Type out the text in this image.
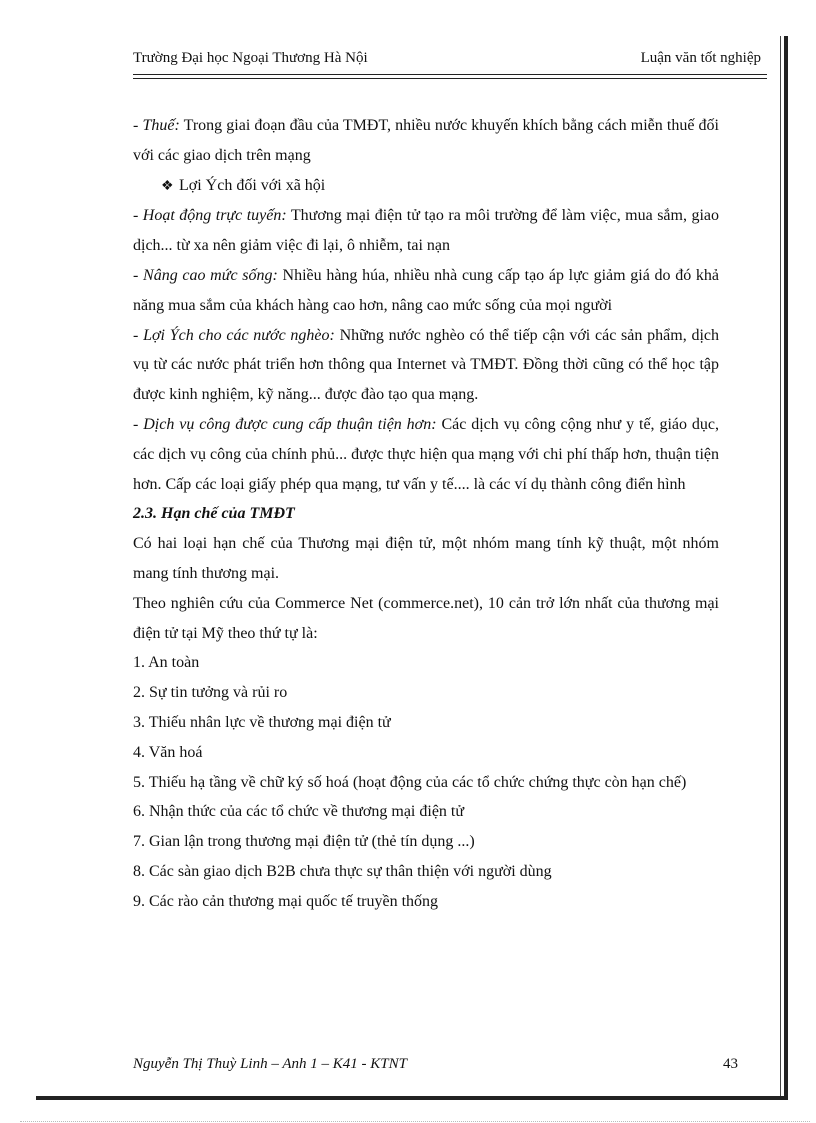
Trường Đại học Ngoại Thương Hà Nội	Luận văn tốt nghiệp

- Thuế: Trong giai đoạn đầu của TMĐT, nhiều nước khuyến khích bằng cách miễn thuế đối với các giao dịch trên mạng

❖ Lợi Ých đối với xã hội

- Hoạt động trực tuyến: Thương mại điện tử tạo ra môi trường để làm việc, mua sắm, giao dịch... từ xa nên giảm việc đi lại, ô nhiễm, tai nạn

- Nâng cao mức sống: Nhiều hàng húa, nhiều nhà cung cấp tạo áp lực giảm giá do đó khả năng mua sắm của khách hàng cao hơn, nâng cao mức sống của mọi người

- Lợi Ých cho các nước nghèo: Những nước nghèo có thể tiếp cận với các sản phẩm, dịch vụ từ các nước phát triển hơn thông qua Internet và TMĐT. Đồng thời cũng có thể học tập được kinh nghiệm, kỹ năng... được đào tạo qua mạng.

- Dịch vụ công được cung cấp thuận tiện hơn: Các dịch vụ công cộng như y tế, giáo dục, các dịch vụ công của chính phủ... được thực hiện qua mạng với chi phí thấp hơn, thuận tiện hơn. Cấp các loại giấy phép qua mạng, tư vấn y tế.... là các ví dụ thành công điển hình

2.3. Hạn chế của TMĐT

Có hai loại hạn chế của Thương mại điện tử, một nhóm mang tính kỹ thuật, một nhóm mang tính thương mại.

Theo nghiên cứu của Commerce Net (commerce.net), 10 cản trở lớn nhất của thương mại điện tử tại Mỹ theo thứ tự là:

1. An toàn

2. Sự tin tưởng và rủi ro

3. Thiếu nhân lực về thương mại điện tử

4. Văn hoá

5. Thiếu hạ tầng về chữ ký số hoá (hoạt động của các tổ chức chứng thực còn hạn chế)

6. Nhận thức của các tổ chức về thương mại điện tử

7. Gian lận trong thương mại điện tử (thẻ tín dụng ...)

8. Các sàn giao dịch B2B chưa thực sự thân thiện với người dùng

9. Các rào cản thương mại quốc tế truyền thống

Nguyễn Thị Thuỳ Linh – Anh 1 – K41 - KTNT	43
